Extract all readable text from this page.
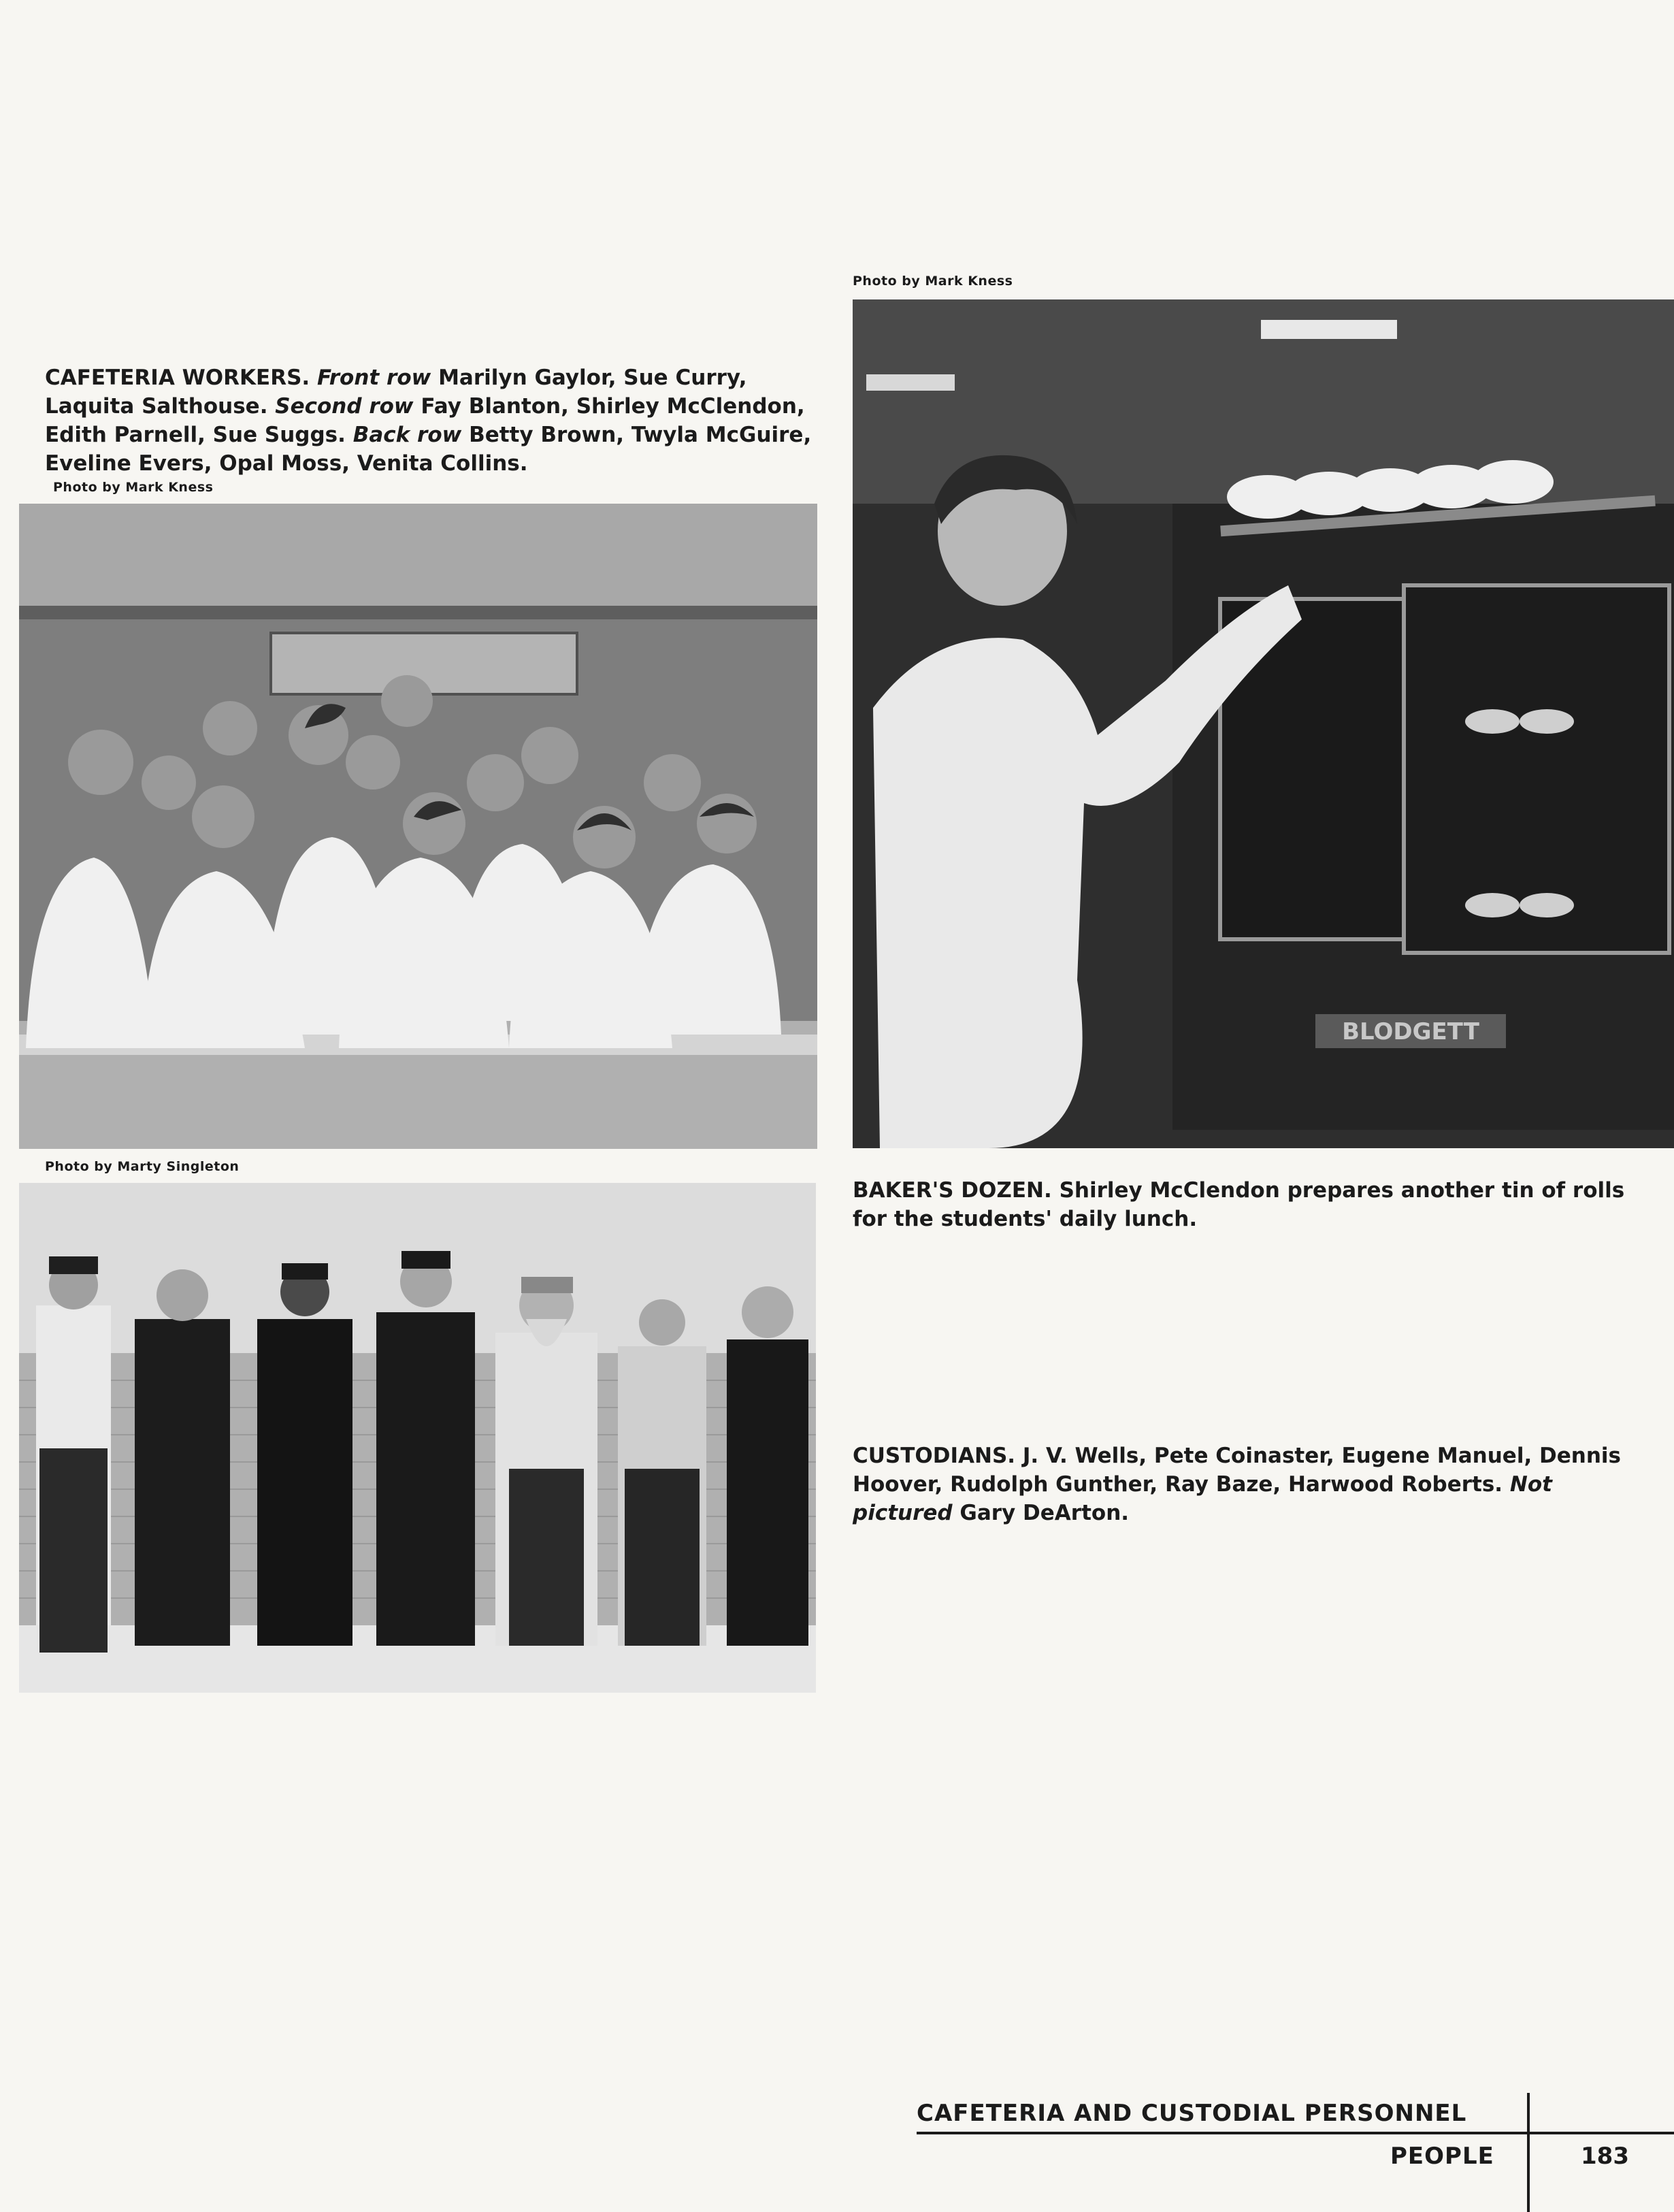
Photo by Mark Kness
BLODGETT
CAFETERIA WORKERS. Front row Marilyn Gaylor, Sue Curry, Laquita Salthouse. Second row Fay Blanton, Shirley McClendon, Edith Parnell, Sue Suggs. Back row Betty Brown, Twyla McGuire, Eveline Evers, Opal Moss, Venita Collins.
Photo by Mark Kness
BAKER'S DOZEN. Shirley McClendon prepares another tin of rolls for the students' daily lunch.
Photo by Marty Singleton
CUSTODIANS. J. V. Wells, Pete Coinaster, Eugene Manuel, Dennis Hoover, Rudolph Gunther, Ray Baze, Harwood Roberts. Not pictured Gary DeArton.
CAFETERIA AND CUSTODIAL PERSONNEL
PEOPLE	183
